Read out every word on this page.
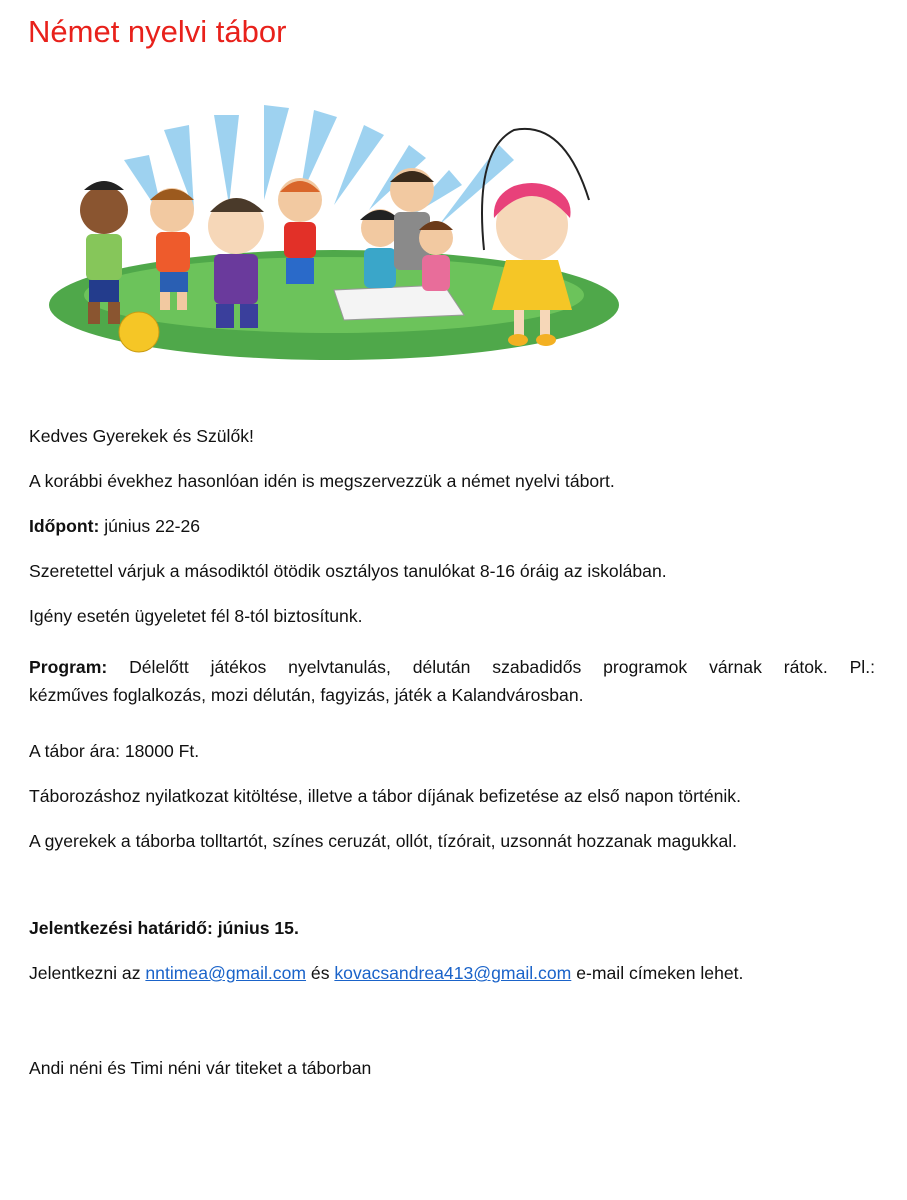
Német nyelvi tábor

Kedves Gyerekek és Szülők!

A korábbi évekhez hasonlóan idén is megszervezzük a német nyelvi tábort.

Időpont: június 22-26

Szeretettel várjuk a másodiktól ötödik osztályos tanulókat 8-16 óráig az iskolában.

Igény esetén ügyeletet fél 8-tól biztosítunk.

Program: Délelőtt játékos nyelvtanulás, délután szabadidős programok várnak rátok. Pl.:
kézműves foglalkozás, mozi délután, fagyizás, játék a Kalandvárosban.

A tábor ára: 18000 Ft.

Táborozáshoz nyilatkozat kitöltése, illetve a tábor díjának befizetése az első napon történik.

A gyerekek a táborba tolltartót, színes ceruzát, ollót, tízórait, uzsonnát hozzanak magukkal.

Jelentkezési határidő: június 15.

Jelentkezni az nntimea@gmail.com és kovacsandrea413@gmail.com e-mail címeken lehet.

Andi néni és Timi néni vár titeket a táborban
